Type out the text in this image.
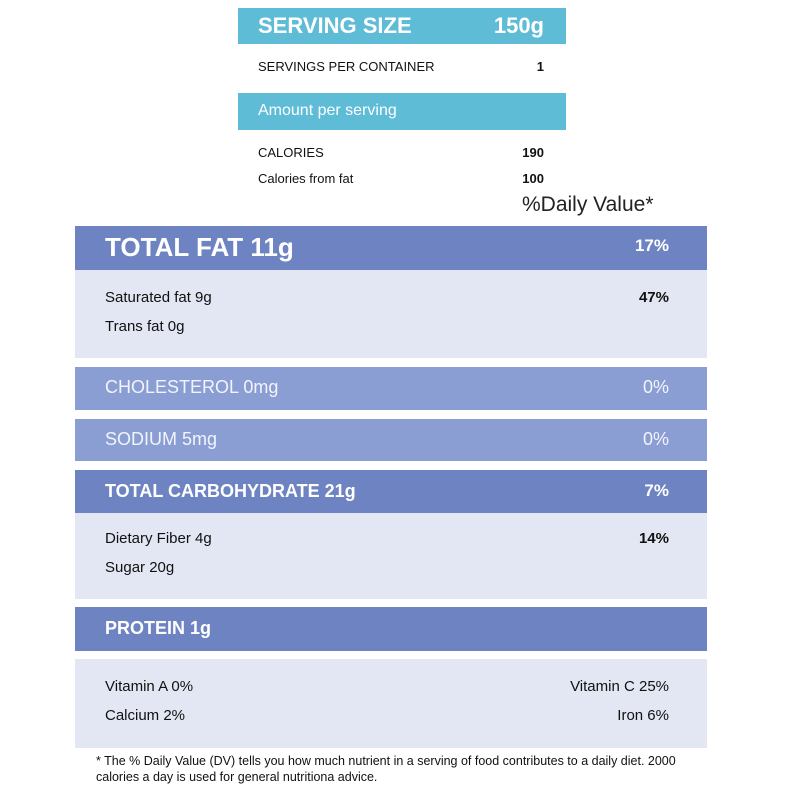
SERVING SIZE	150g
SERVINGS PER CONTAINER	1
Amount per serving
CALORIES	190
Calories from fat	100
%Daily Value*
TOTAL FAT 11g	17%
Saturated fat 9g	47%
Trans fat 0g
CHOLESTEROL 0mg	0%
SODIUM 5mg	0%
TOTAL CARBOHYDRATE 21g	7%
Dietary Fiber 4g	14%
Sugar 20g
PROTEIN 1g
Vitamin A 0%	Vitamin C 25%
Calcium 2%	Iron 6%
* The % Daily Value (DV) tells you how much nutrient in a serving of food contributes to a daily diet. 2000 calories a day is used for general nutritiona advice.
